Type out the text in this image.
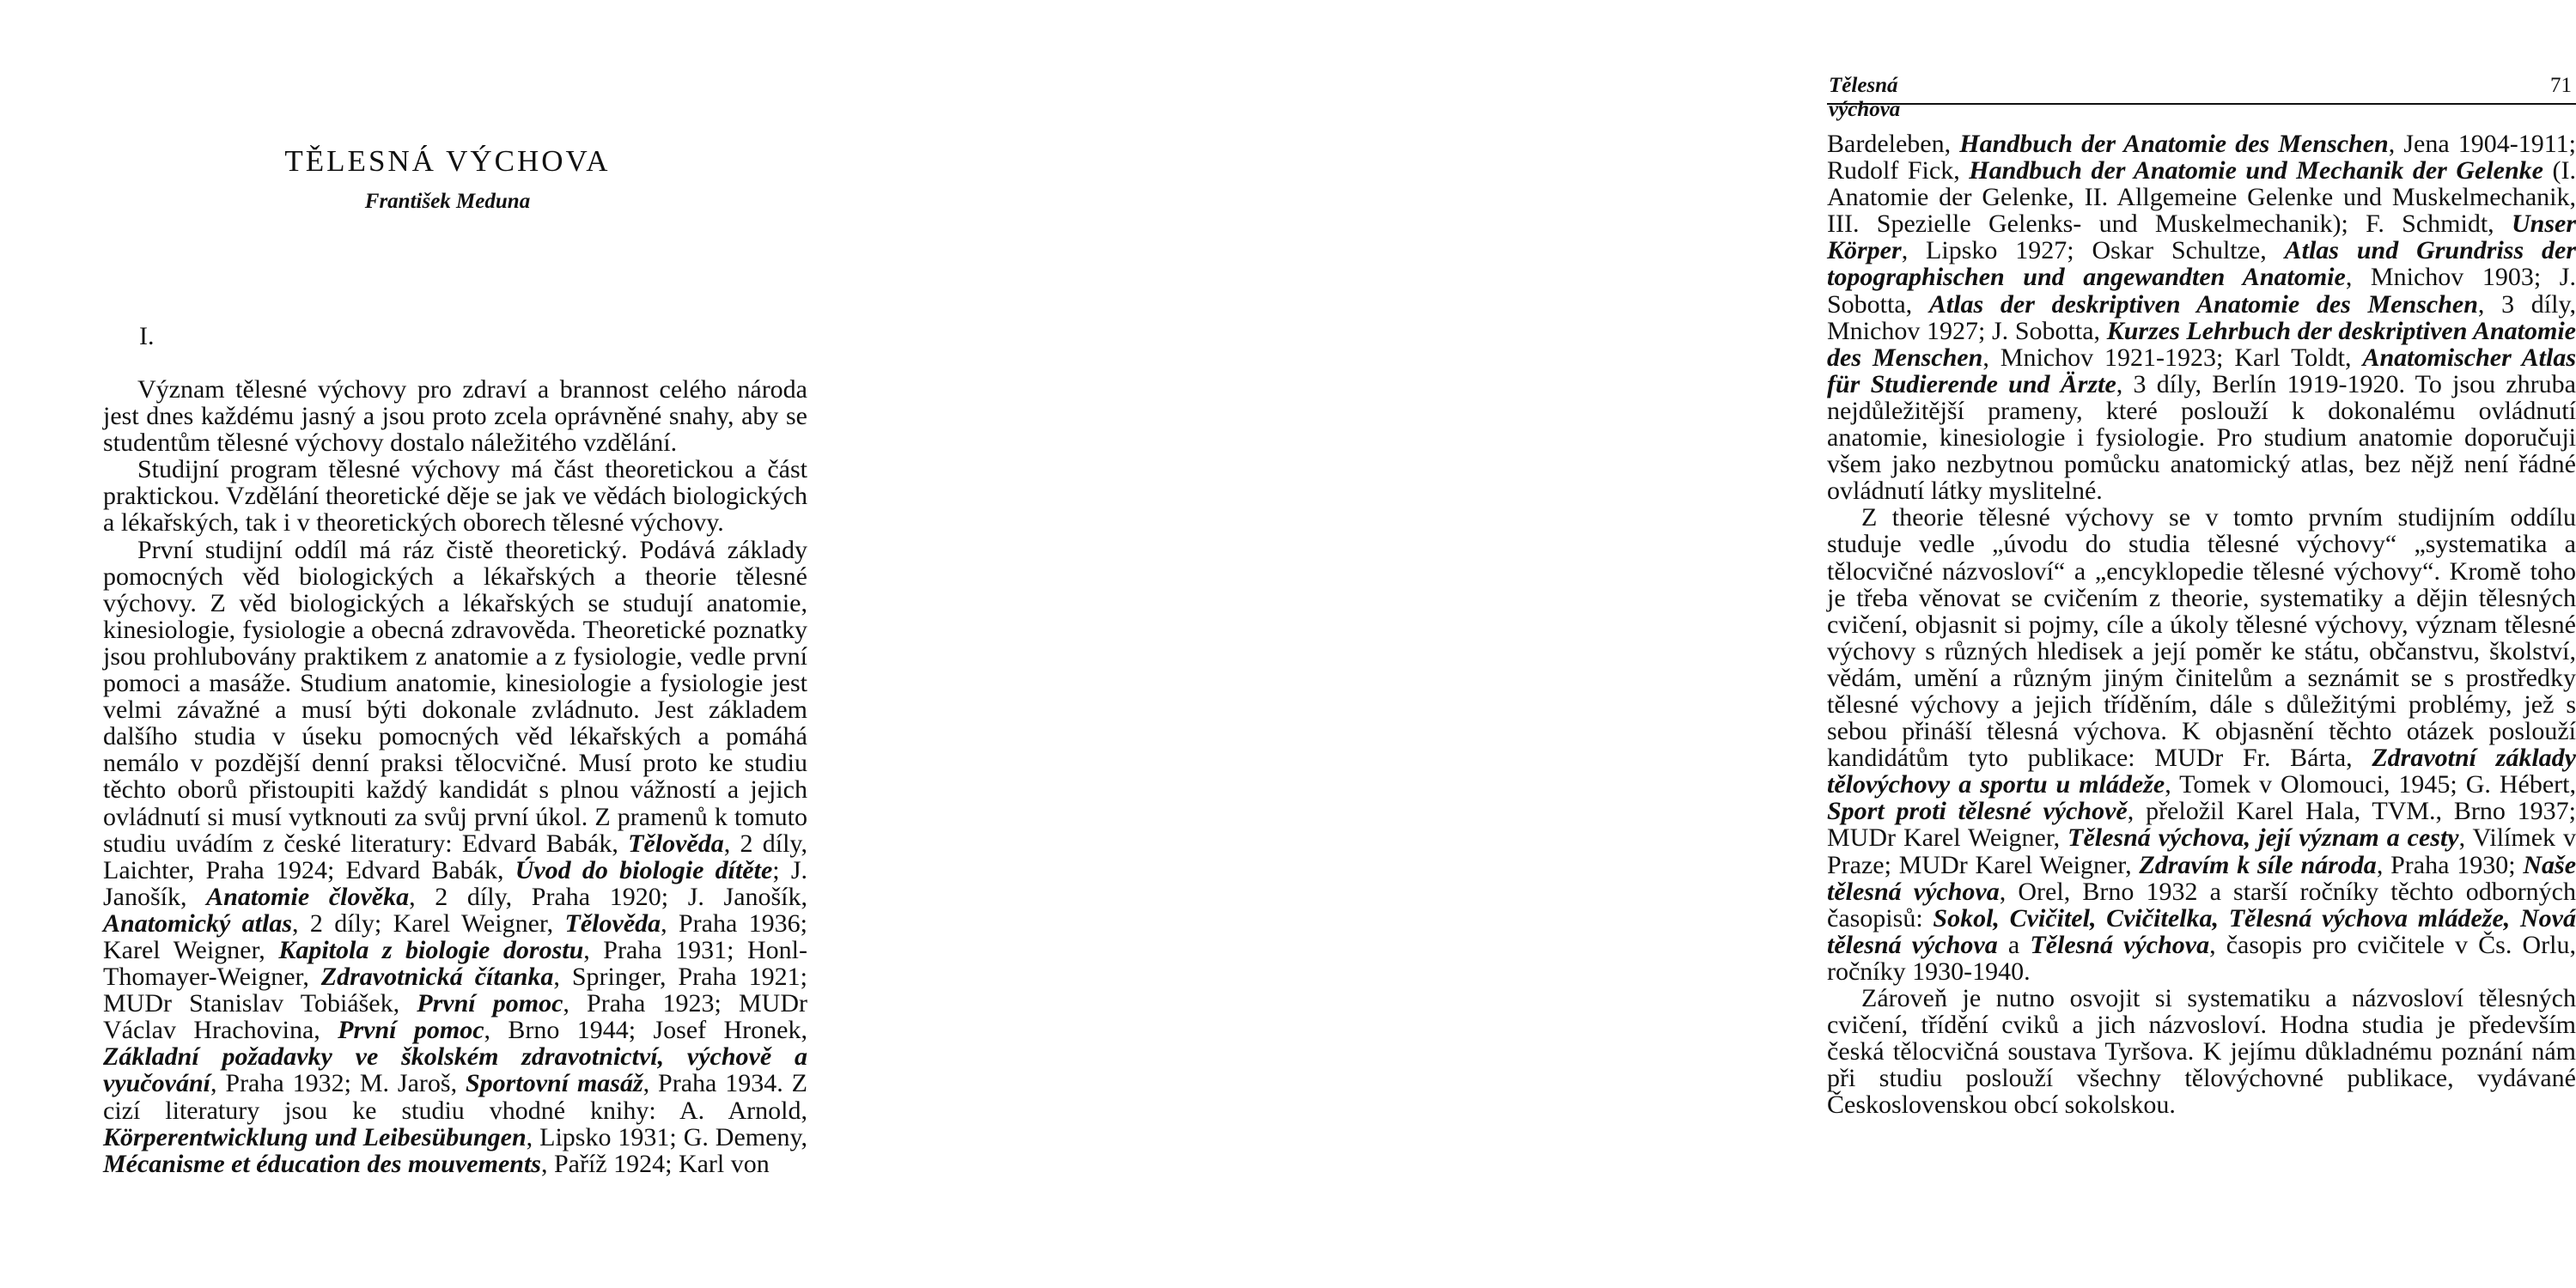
TĚLESNÁ VÝCHOVA

František Meduna

I.

Význam tělesné výchovy pro zdraví a brannost celého národa jest dnes každému jasný a jsou proto zcela oprávněné snahy, aby se studentům tělesné výchovy dostalo náležitého vzdělání.

Studijní program tělesné výchovy má část theoretickou a část praktickou. Vzdělání theoretické děje se jak ve vědách biologických a lékařských, tak i v theoretických oborech tělesné výchovy.

První studijní oddíl má ráz čistě theoretický. Podává základy pomocných věd biologických a lékařských a theorie tělesné výchovy. Z věd biologických a lékařských se studují anatomie, kinesiologie, fysiologie a obecná zdravověda. Theoretické poznatky jsou prohlubovány praktikem z anatomie a z fysiologie, vedle první pomoci a masáže. Studium anatomie, kinesiologie a fysiologie jest velmi závažné a musí býti dokonale zvládnuto. Jest základem dalšího studia v úseku pomocných věd lékařských a pomáhá nemálo v pozdější denní praksi tělocvičné. Musí proto ke studiu těchto oborů přistoupiti každý kandidát s plnou vážností a jejich ovládnutí si musí vytknouti za svůj první úkol. Z pramenů k tomuto studiu uvádím z české literatury: Edvard Babák, Tělověda, 2 díly, Laichter, Praha 1924; Edvard Babák, Úvod do biologie dítěte; J. Janošík, Anatomie člověka, 2 díly, Praha 1920; J. Janošík, Anatomický atlas, 2 díly; Karel Weigner, Tělověda, Praha 1936; Karel Weigner, Kapitola z biologie dorostu, Praha 1931; Honl-Thomayer-Weigner, Zdravotnická čítanka, Springer, Praha 1921; MUDr Stanislav Tobiášek, První pomoc, Praha 1923; MUDr Václav Hrachovina, První pomoc, Brno 1944; Josef Hronek, Základní požadavky ve školském zdravotnictví, výchově a vyučování, Praha 1932; M. Jaroš, Sportovní masáž, Praha 1934. Z cizí literatury jsou ke studiu vhodné knihy: A. Arnold, Körperentwicklung und Leibesübungen, Lipsko 1931; G. Demeny, Mécanisme et éducation des mouvements, Paříž 1924; Karl von

Tělesná výchova

71

Bardeleben, Handbuch der Anatomie des Menschen, Jena 1904-1911; Rudolf Fick, Handbuch der Anatomie und Mechanik der Gelenke (I. Anatomie der Gelenke, II. Allgemeine Gelenke und Muskelmechanik, III. Spezielle Gelenks- und Muskelmechanik); F. Schmidt, Unser Körper, Lipsko 1927; Oskar Schultze, Atlas und Grundriss der topographischen und angewandten Anatomie, Mnichov 1903; J. Sobotta, Atlas der deskriptiven Anatomie des Menschen, 3 díly, Mnichov 1927; J. Sobotta, Kurzes Lehrbuch der deskriptiven Anatomie des Menschen, Mnichov 1921-1923; Karl Toldt, Anatomischer Atlas für Studierende und Ärzte, 3 díly, Berlín 1919-1920. To jsou zhruba nejdůležitější prameny, které poslouží k dokonalému ovládnutí anatomie, kinesiologie i fysiologie. Pro studium anatomie doporučuji všem jako nezbytnou pomůcku anatomický atlas, bez nějž není řádné ovládnutí látky myslitelné.

Z theorie tělesné výchovy se v tomto prvním studijním oddílu studuje vedle „úvodu do studia tělesné výchovy“ „systematika a tělocvičné názvosloví“ a „encyklopedie tělesné výchovy“. Kromě toho je třeba věnovat se cvičením z theorie, systematiky a dějin tělesných cvičení, objasnit si pojmy, cíle a úkoly tělesné výchovy, význam tělesné výchovy s různých hledisek a její poměr ke státu, občanstvu, školství, vědám, umění a různým jiným činitelům a seznámit se s prostředky tělesné výchovy a jejich tříděním, dále s důležitými problémy, jež s sebou přináší tělesná výchova. K objasnění těchto otázek poslouží kandidátům tyto publikace: MUDr Fr. Bárta, Zdravotní základy tělovýchovy a sportu u mládeže, Tomek v Olomouci, 1945; G. Hébert, Sport proti tělesné výchově, přeložil Karel Hala, TVM., Brno 1937; MUDr Karel Weigner, Tělesná výchova, její význam a cesty, Vilímek v Praze; MUDr Karel Weigner, Zdravím k síle národa, Praha 1930; Naše tělesná výchova, Orel, Brno 1932 a starší ročníky těchto odborných časopisů: Sokol, Cvičitel, Cvičitelka, Tělesná výchova mládeže, Nová tělesná výchova a Tělesná výchova, časopis pro cvičitele v Čs. Orlu, ročníky 1930-1940.

Zároveň je nutno osvojit si systematiku a názvosloví tělesných cvičení, třídění cviků a jich názvosloví. Hodna studia je především česká tělocvičná soustava Tyršova. K jejímu důkladnému poznání nám při studiu poslouží všechny tělovýchovné publikace, vydávané Československou obcí sokolskou.
